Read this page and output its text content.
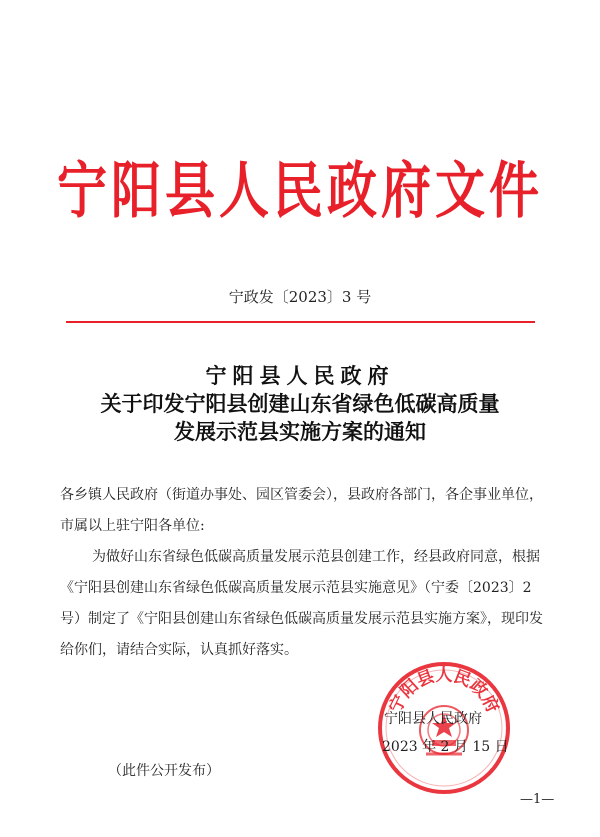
宁阳县人民政府文件
宁政发〔2023〕3 号
宁阳县人民政府
关于印发宁阳县创建山东省绿色低碳高质量
发展示范县实施方案的通知

各乡镇人民政府（街道办事处、园区管委会），县政府各部门，各企事业单位，市属以上驻宁阳各单位:

为做好山东省绿色低碳高质量发展示范县创建工作，经县政府同意，根据《宁阳县创建山东省绿色低碳高质量发展示范县实施意见》（宁委〔2023〕2 号）制定了《宁阳县创建山东省绿色低碳高质量发展示范县实施方案》，现印发给你们，请结合实际，认真抓好落实。

宁阳县人民政府
宁阳县人民政府
2023 年 2 月 15 日
（此件公开发布）
—1—
